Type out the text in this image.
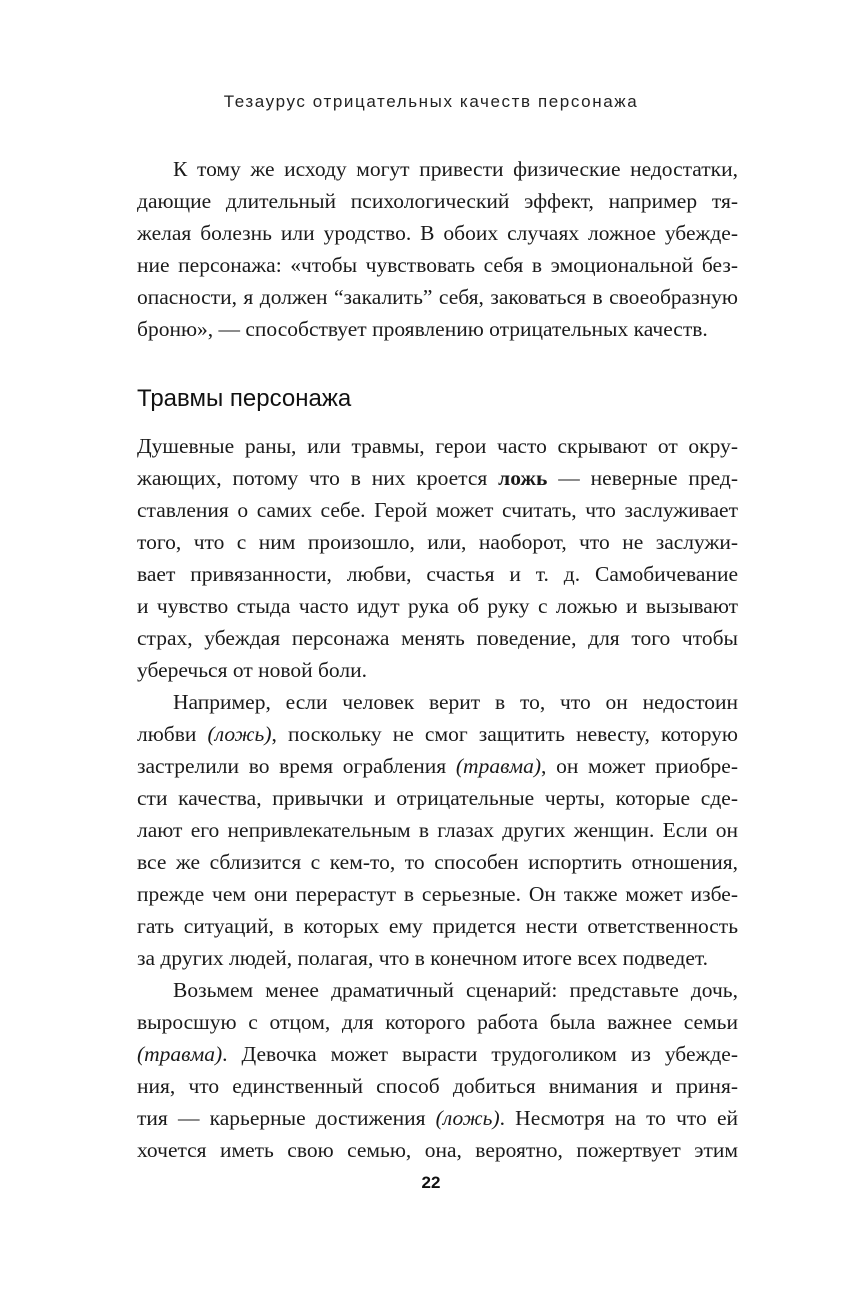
Тезаурус отрицательных качеств персонажа
К тому же исходу могут привести физические недостатки,
дающие длительный психологический эффект, например тя-
желая болезнь или уродство. В обоих случаях ложное убежде-
ние персонажа: «чтобы чувствовать себя в эмоциональной без-
опасности, я должен “закалить” себя, заковаться в своеобразную
броню», — способствует проявлению отрицательных качеств.
Травмы персонажа
Душевные раны, или травмы, герои часто скрывают от окру-
жающих, потому что в них кроется ложь — неверные пред-
ставления о самих себе. Герой может считать, что заслуживает
того, что с ним произошло, или, наоборот, что не заслужи-
вает привязанности, любви, счастья и т. д. Самобичевание
и чувство стыда часто идут рука об руку с ложью и вызывают
страх, убеждая персонажа менять поведение, для того чтобы
уберечься от новой боли.
Например, если человек верит в то, что он недостоин
любви (ложь), поскольку не смог защитить невесту, которую
застрелили во время ограбления (травма), он может приобре-
сти качества, привычки и отрицательные черты, которые сде-
лают его непривлекательным в глазах других женщин. Если он
все же сблизится с кем-то, то способен испортить отношения,
прежде чем они перерастут в серьезные. Он также может избе-
гать ситуаций, в которых ему придется нести ответственность
за других людей, полагая, что в конечном итоге всех подведет.
Возьмем менее драматичный сценарий: представьте дочь,
выросшую с отцом, для которого работа была важнее семьи
(травма). Девочка может вырасти трудоголиком из убежде-
ния, что единственный способ добиться внимания и приня-
тия — карьерные достижения (ложь). Несмотря на то что ей
хочется иметь свою семью, она, вероятно, пожертвует этим
22
